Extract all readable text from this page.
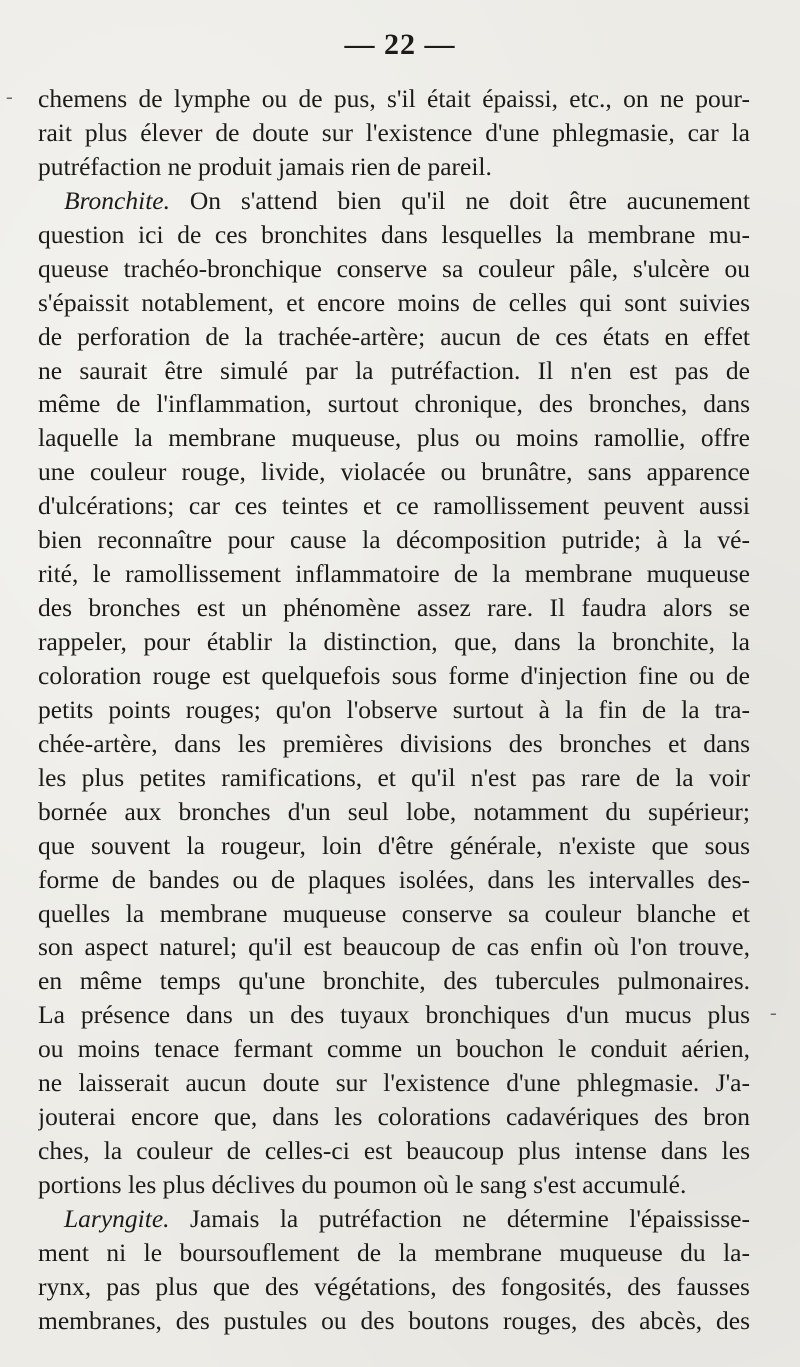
— 22 —
chemens de lymphe ou de pus, s'il était épaissi, etc., on ne pour-
rait plus élever de doute sur l'existence d'une phlegmasie, car la
putréfaction ne produit jamais rien de pareil.
Bronchite. On s'attend bien qu'il ne doit être aucunement
question ici de ces bronchites dans lesquelles la membrane mu-
queuse trachéo-bronchique conserve sa couleur pâle, s'ulcère ou
s'épaissit notablement, et encore moins de celles qui sont suivies
de perforation de la trachée-artère; aucun de ces états en effet
ne saurait être simulé par la putréfaction. Il n'en est pas de
même de l'inflammation, surtout chronique, des bronches, dans
laquelle la membrane muqueuse, plus ou moins ramollie, offre
une couleur rouge, livide, violacée ou brunâtre, sans apparence
d'ulcérations; car ces teintes et ce ramollissement peuvent aussi
bien reconnaître pour cause la décomposition putride; à la vé-
rité, le ramollissement inflammatoire de la membrane muqueuse
des bronches est un phénomène assez rare. Il faudra alors se
rappeler, pour établir la distinction, que, dans la bronchite, la
coloration rouge est quelquefois sous forme d'injection fine ou de
petits points rouges; qu'on l'observe surtout à la fin de la tra-
chée-artère, dans les premières divisions des bronches et dans
les plus petites ramifications, et qu'il n'est pas rare de la voir
bornée aux bronches d'un seul lobe, notamment du supérieur;
que souvent la rougeur, loin d'être générale, n'existe que sous
forme de bandes ou de plaques isolées, dans les intervalles des-
quelles la membrane muqueuse conserve sa couleur blanche et
son aspect naturel; qu'il est beaucoup de cas enfin où l'on trouve,
en même temps qu'une bronchite, des tubercules pulmonaires.
La présence dans un des tuyaux bronchiques d'un mucus plus
ou moins tenace fermant comme un bouchon le conduit aérien,
ne laisserait aucun doute sur l'existence d'une phlegmasie. J'a-
jouterai encore que, dans les colorations cadavériques des bron
ches, la couleur de celles-ci est beaucoup plus intense dans les
portions les plus déclives du poumon où le sang s'est accumulé.
Laryngite. Jamais la putréfaction ne détermine l'épaississe-
ment ni le boursouflement de la membrane muqueuse du la-
rynx, pas plus que des végétations, des fongosités, des fausses
membranes, des pustules ou des boutons rouges, des abcès, des
-
-
